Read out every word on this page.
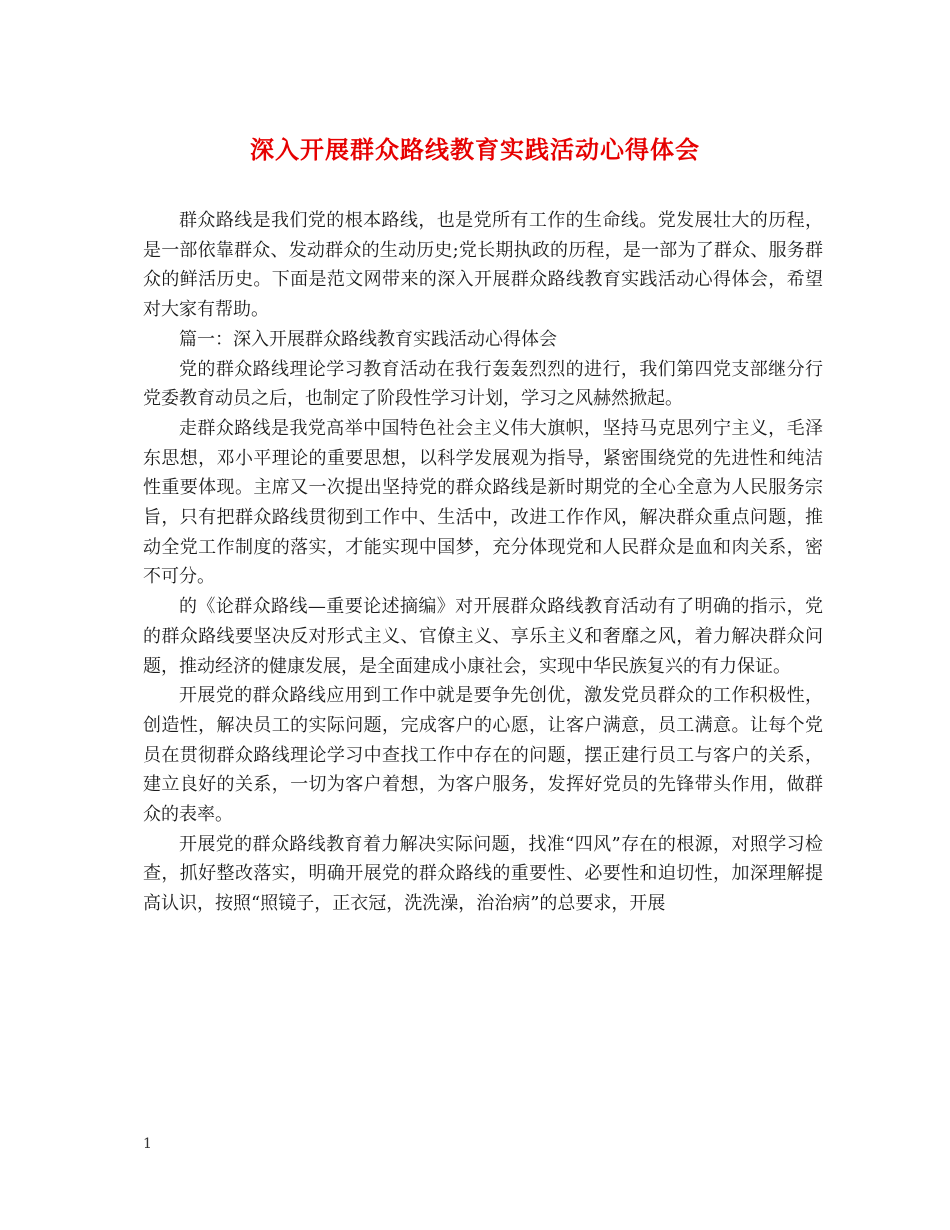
深入开展群众路线教育实践活动心得体会

群众路线是我们党的根本路线，也是党所有工作的生命线。党发展壮大的历程，是一部依靠群众、发动群众的生动历史;党长期执政的历程，是一部为了群众、服务群众的鲜活历史。下面是范文网带来的深入开展群众路线教育实践活动心得体会，希望对大家有帮助。

篇一：深入开展群众路线教育实践活动心得体会

党的群众路线理论学习教育活动在我行轰轰烈烈的进行，我们第四党支部继分行党委教育动员之后，也制定了阶段性学习计划，学习之风赫然掀起。

走群众路线是我党高举中国特色社会主义伟大旗帜，坚持马克思列宁主义，毛泽东思想，邓小平理论的重要思想，以科学发展观为指导，紧密围绕党的先进性和纯洁性重要体现。主席又一次提出坚持党的群众路线是新时期党的全心全意为人民服务宗旨，只有把群众路线贯彻到工作中、生活中，改进工作作风，解决群众重点问题，推动全党工作制度的落实，才能实现中国梦，充分体现党和人民群众是血和肉关系，密不可分。

的《论群众路线—重要论述摘编》对开展群众路线教育活动有了明确的指示，党的群众路线要坚决反对形式主义、官僚主义、享乐主义和奢靡之风，着力解决群众问题，推动经济的健康发展，是全面建成小康社会，实现中华民族复兴的有力保证。

开展党的群众路线应用到工作中就是要争先创优，激发党员群众的工作积极性，创造性，解决员工的实际问题，完成客户的心愿，让客户满意，员工满意。让每个党员在贯彻群众路线理论学习中查找工作中存在的问题，摆正建行员工与客户的关系，建立良好的关系，一切为客户着想，为客户服务，发挥好党员的先锋带头作用，做群众的表率。

开展党的群众路线教育着力解决实际问题，找准“四风”存在的根源，对照学习检查，抓好整改落实，明确开展党的群众路线的重要性、必要性和迫切性，加深理解提高认识，按照“照镜子，正衣冠，洗洗澡，治治病”的总要求，开展

1
